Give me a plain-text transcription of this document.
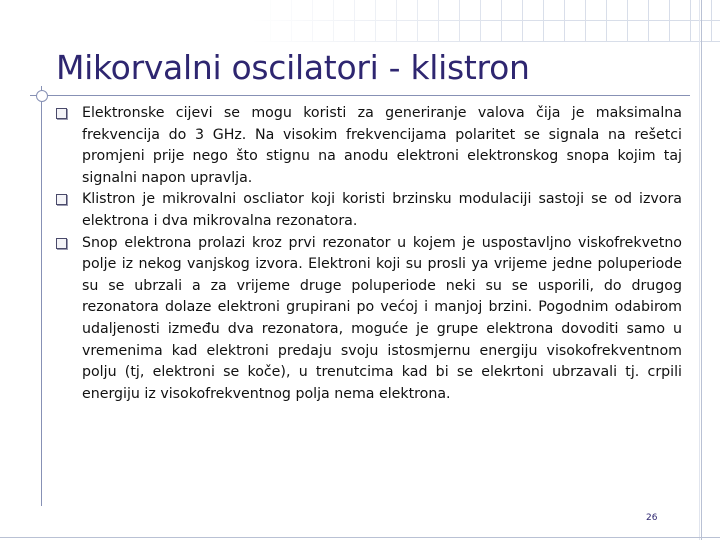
Mikorvalni oscilatori - klistron
Elektronske cijevi se mogu koristi za generiranje valova čija je maksimalna frekvencija do 3 GHz. Na visokim frekvencijama polaritet se signala na rešetci promjeni prije nego što stignu na anodu elektroni elektronskog snopa kojim taj signalni napon upravlja.
Klistron je mikrovalni oscliator koji koristi brzinsku modulaciji sastoji se od izvora elektrona i dva mikrovalna rezonatora.
Snop elektrona prolazi kroz prvi rezonator u kojem je uspostavljno viskofrekvetno polje iz nekog vanjskog izvora. Elektroni koji su prosli ya vrijeme jedne poluperiode su se ubrzali a za vrijeme druge poluperiode neki su se usporili, do drugog rezonatora dolaze elektroni grupirani po većoj i manjoj brzini. Pogodnim odabirom udaljenosti između dva rezonatora, moguće je grupe elektrona dovoditi samo u vremenima kad elektroni predaju svoju istosmjernu energiju visokofrekventnom polju (tj, elektroni se koče), u trenutcima kad bi se elekrtoni ubrzavali tj. crpili energiju iz visokofrekventnog polja nema elektrona.
26
